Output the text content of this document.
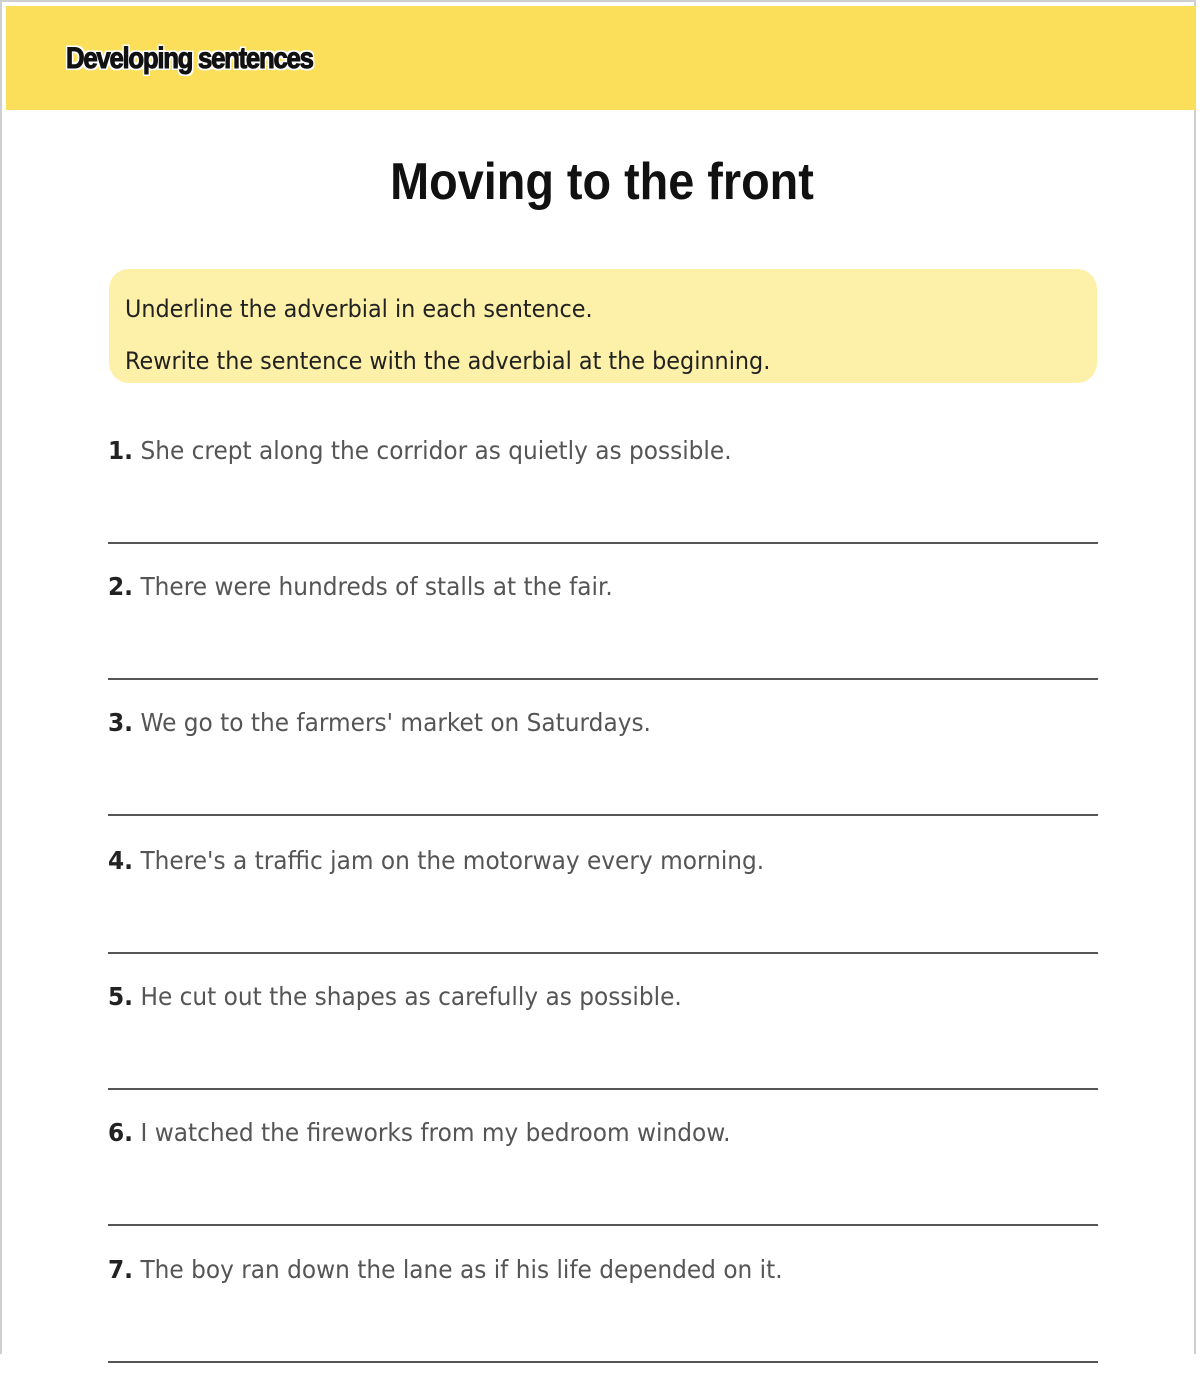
Developing sentences
Moving to the front
Underline the adverbial in each sentence.
Rewrite the sentence with the adverbial at the beginning.
1. She crept along the corridor as quietly as possible.
2. There were hundreds of stalls at the fair.
3. We go to the farmers' market on Saturdays.
4. There's a traffic jam on the motorway every morning.
5. He cut out the shapes as carefully as possible.
6. I watched the fireworks from my bedroom window.
7. The boy ran down the lane as if his life depended on it.
